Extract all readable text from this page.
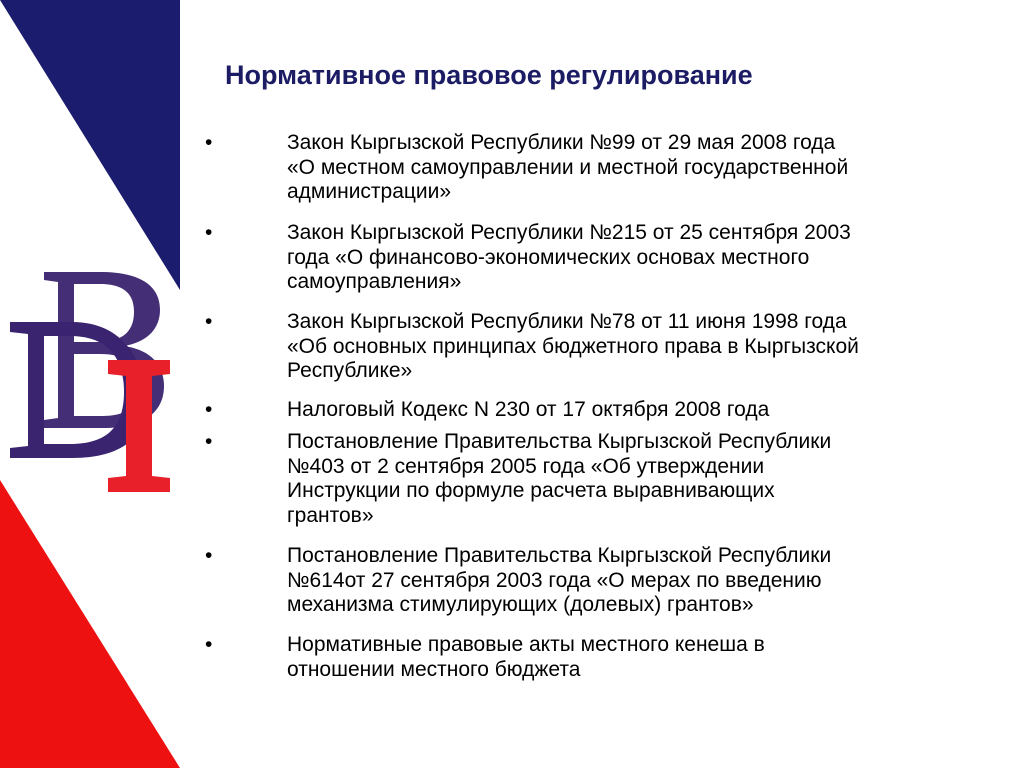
Нормативное правовое регулирование
•	Закон Кыргызской Республики №99 от 29 мая 2008 года
«О местном самоуправлении и местной государственной
администрации»
•	Закон Кыргызской Республики №215 от 25 сентября 2003
года «О финансово-экономических основах местного
самоуправления»
•	Закон Кыргызской Республики №78 от 11 июня 1998 года
«Об основных принципах бюджетного права в Кыргызской
Республике»
•	Налоговый Кодекс N 230 от 17 октября 2008 года
•	Постановление Правительства Кыргызской Республики
№403 от 2 сентября 2005 года «Об утверждении
Инструкции по формуле расчета выравнивающих
грантов»
•	Постановление Правительства Кыргызской Республики
№614от 27 сентября 2003 года «О мерах по введению
механизма стимулирующих (долевых) грантов»
•	Нормативные правовые акты местного кенеша в
отношении местного бюджета
